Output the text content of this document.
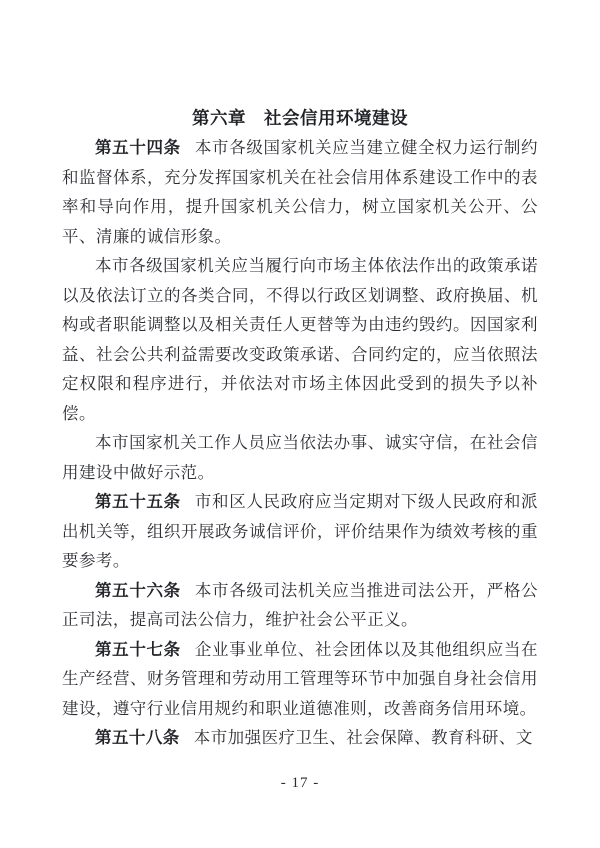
第六章　社会信用环境建设

第五十四条 本市各级国家机关应当建立健全权力运行制约和监督体系，充分发挥国家机关在社会信用体系建设工作中的表率和导向作用，提升国家机关公信力，树立国家机关公开、公平、清廉的诚信形象。

本市各级国家机关应当履行向市场主体依法作出的政策承诺以及依法订立的各类合同，不得以行政区划调整、政府换届、机构或者职能调整以及相关责任人更替等为由违约毁约。因国家利益、社会公共利益需要改变政策承诺、合同约定的，应当依照法定权限和程序进行，并依法对市场主体因此受到的损失予以补偿。

本市国家机关工作人员应当依法办事、诚实守信，在社会信用建设中做好示范。

第五十五条 市和区人民政府应当定期对下级人民政府和派出机关等，组织开展政务诚信评价，评价结果作为绩效考核的重要参考。

第五十六条 本市各级司法机关应当推进司法公开，严格公正司法，提高司法公信力，维护社会公平正义。

第五十七条 企业事业单位、社会团体以及其他组织应当在生产经营、财务管理和劳动用工管理等环节中加强自身社会信用建设，遵守行业信用规约和职业道德准则，改善商务信用环境。

第五十八条 本市加强医疗卫生、社会保障、教育科研、文

- 17 -
